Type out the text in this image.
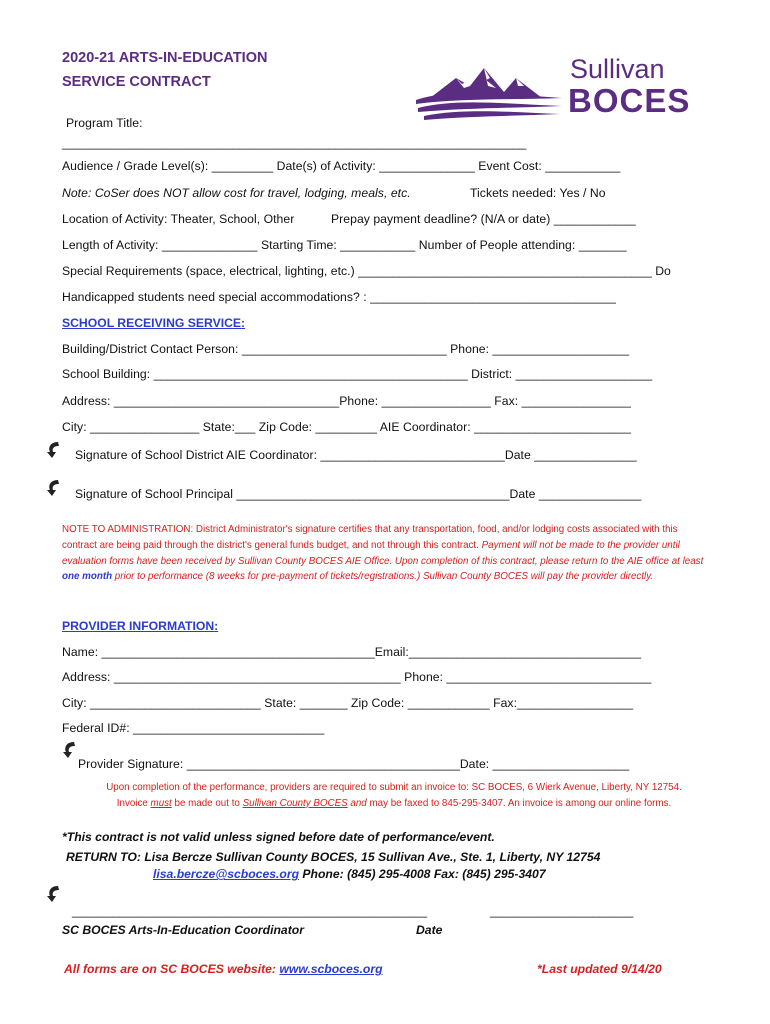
2020-21 ARTS-IN-EDUCATION
SERVICE CONTRACT	Sullivan
BOCES
Program Title:
____________________________________________________________________
Audience / Grade Level(s): _________ Date(s) of Activity: ______________ Event Cost: ___________
Note: CoSer does NOT allow cost for travel, lodging, meals, etc.	Tickets needed: Yes / No
Location of Activity: Theater, School, Other	Prepay payment deadline? (N/A or date) ____________
Length of Activity: ______________ Starting Time: ___________ Number of People attending: _______
Special Requirements (space, electrical, lighting, etc.) ___________________________________________ Do
Handicapped students need special accommodations? : ____________________________________
SCHOOL RECEIVING SERVICE:
Building/District Contact Person: ______________________________ Phone: ____________________
School Building: ______________________________________________ District: ____________________
Address: _________________________________Phone: ________________ Fax: ________________
City: ________________ State:___ Zip Code: _________ AIE Coordinator: _______________________
Signature of School District AIE Coordinator: ___________________________Date _______________
Signature of School Principal ________________________________________Date _______________
NOTE TO ADMINISTRATION: District Administrator's signature certifies that any transportation, food, and/or lodging costs associated with this contract are being paid through the district's general funds budget, and not through this contract. Payment will not be made to the provider until evaluation forms have been received by Sullivan County BOCES AIE Office. Upon completion of this contract, please return to the AIE office at least one month prior to performance (8 weeks for pre-payment of tickets/registrations.) Sullivan County BOCES will pay the provider directly.
PROVIDER INFORMATION:
Name: ________________________________________Email:__________________________________
Address: __________________________________________ Phone: ______________________________
City: _________________________ State: _______ Zip Code: ____________ Fax:_________________
Federal ID#: ____________________________
Provider Signature: ________________________________________Date: ____________________
Upon completion of the performance, providers are required to submit an invoice to: SC BOCES, 6 Wierk Avenue, Liberty, NY 12754.
Invoice must be made out to Sullivan County BOCES and may be faxed to 845-295-3407. An invoice is among our online forms.
*This contract is not valid unless signed before date of performance/event.
RETURN TO: Lisa Bercze Sullivan County BOCES, 15 Sullivan Ave., Ste. 1, Liberty, NY 12754
lisa.bercze@scboces.org Phone: (845) 295-4008 Fax: (845) 295-3407
____________________________________________________	_____________________
SC BOCES Arts-In-Education Coordinator	Date
All forms are on SC BOCES website: www.scboces.org	*Last updated 9/14/20
